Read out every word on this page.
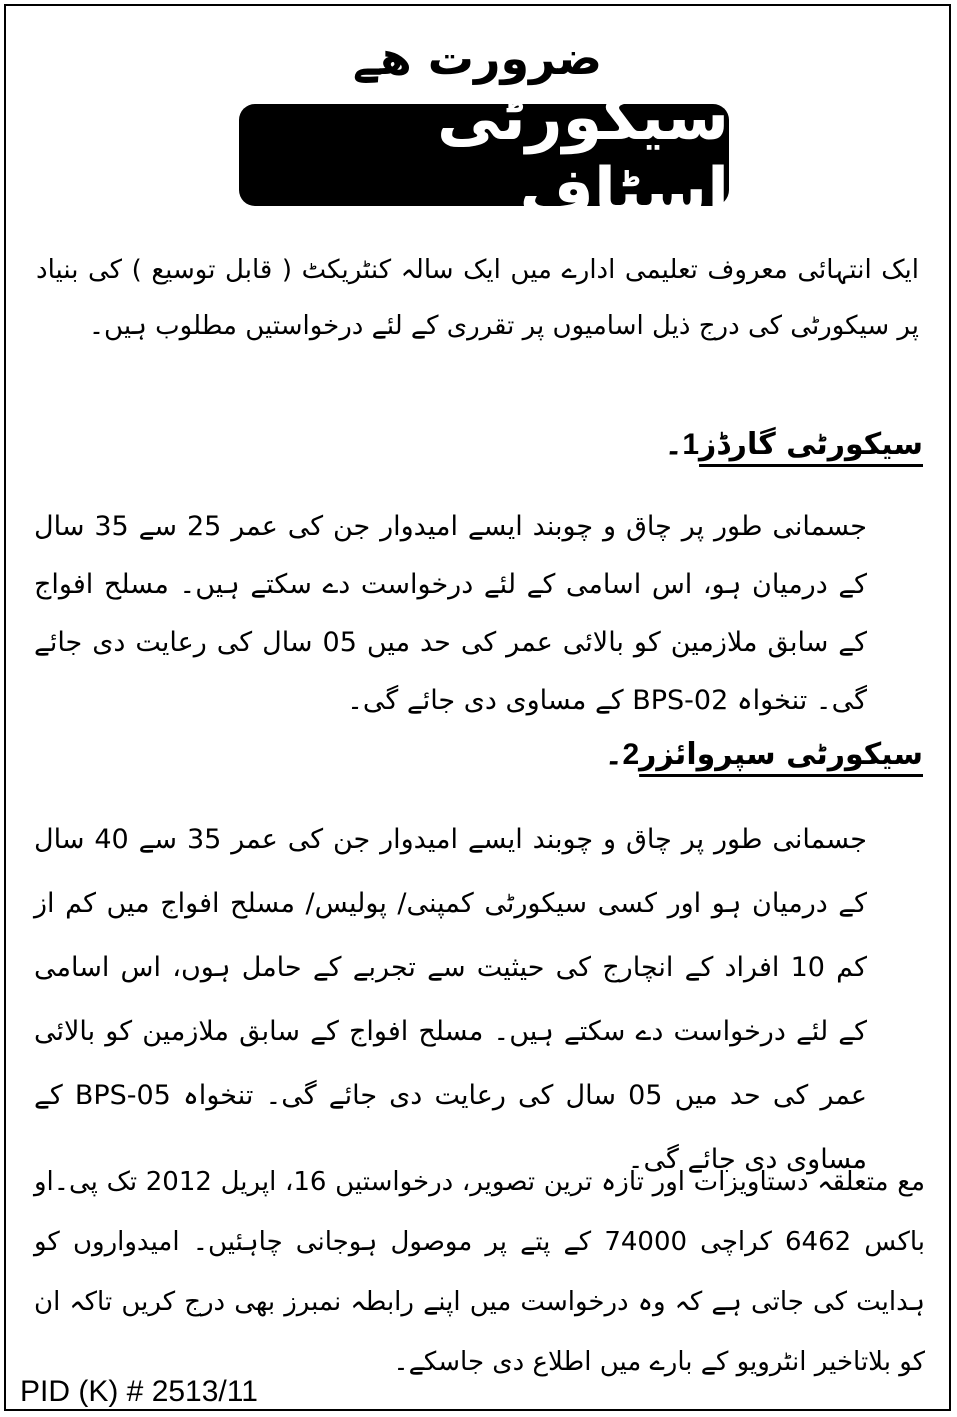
ضرورت ھے
سیکورٹی اسٹاف
ایک انتہائی معروف تعلیمی ادارے میں ایک سالہ کنٹریکٹ ( قابل توسیع ) کی بنیاد پر سیکورٹی کی درج ذیل اسامیوں پر تقرری کے لئے درخواستیں مطلوب ہیں۔
1۔ سیکورٹی گارڈز
جسمانی طور پر چاق و چوبند ایسے امیدوار جن کی عمر 25 سے 35 سال کے درمیان ہو، اس اسامی کے لئے درخواست دے سکتے ہیں۔ مسلح افواج کے سابق ملازمین کو بالائی عمر کی حد میں 05 سال کی رعایت دی جائے گی۔ تنخواہ BPS-02 کے مساوی دی جائے گی۔
2۔ سیکورٹی سپروائزر
جسمانی طور پر چاق و چوبند ایسے امیدوار جن کی عمر 35 سے 40 سال کے درمیان ہو اور کسی سیکورٹی کمپنی/ پولیس/ مسلح افواج میں کم از کم 10 افراد کے انچارج کی حیثیت سے تجربے کے حامل ہوں، اس اسامی کے لئے درخواست دے سکتے ہیں۔ مسلح افواج کے سابق ملازمین کو بالائی عمر کی حد میں 05 سال کی رعایت دی جائے گی۔ تنخواہ BPS-05 کے مساوی دی جائے گی۔
مع متعلقہ دستاویزات اور تازہ ترین تصویر، درخواستیں 16، اپریل 2012 تک پی۔او باکس 6462 کراچی 74000 کے پتے پر موصول ہوجانی چاہئیں۔ امیدواروں کو ہدایت کی جاتی ہے کہ وہ درخواست میں اپنے رابطہ نمبرز بھی درج کریں تاکہ ان کو بلاتاخیر انٹرویو کے بارے میں اطلاع دی جاسکے۔
PID (K) # 2513/11
